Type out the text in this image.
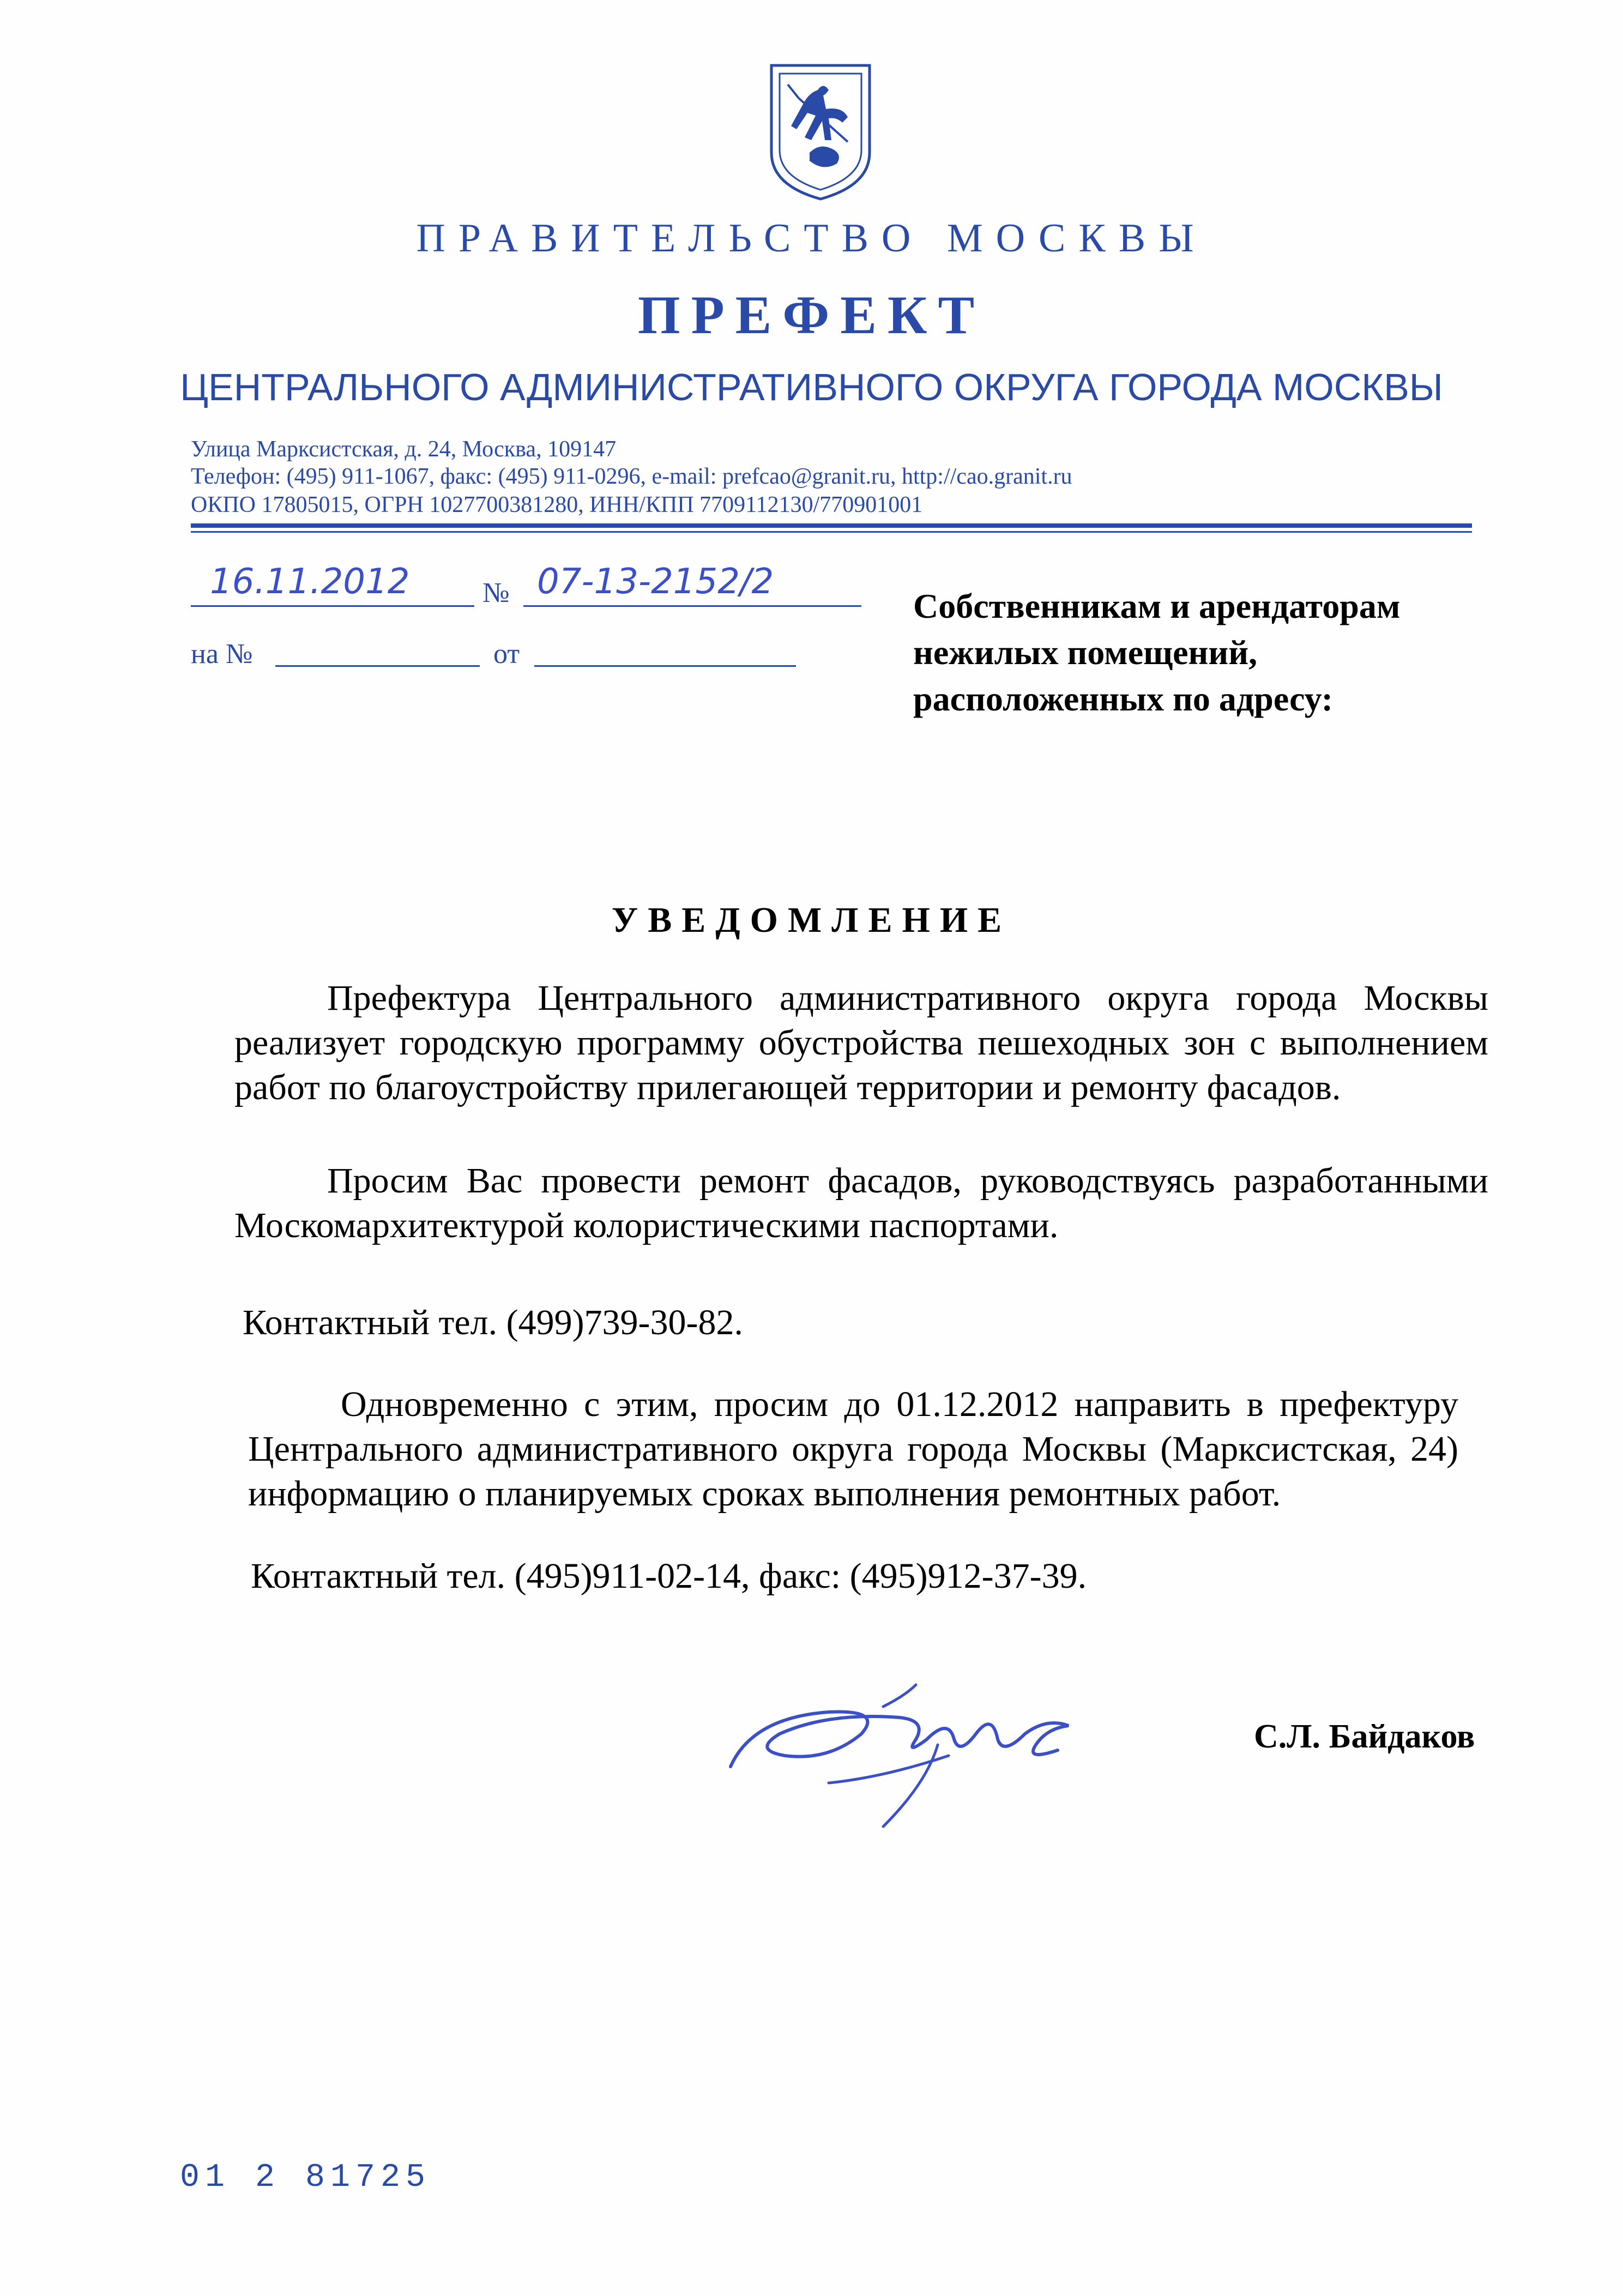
ПРАВИТЕЛЬСТВО МОСКВЫ
ПРЕФЕКТ
ЦЕНТРАЛЬНОГО АДМИНИСТРАТИВНОГО ОКРУГА ГОРОДА МОСКВЫ
Улица Марксистская, д. 24, Москва, 109147
Телефон: (495) 911-1067, факс: (495) 911-0296, e-mail: prefcao@granit.ru, http://cao.granit.ru
ОКПО 17805015, ОГРН 1027700381280, ИНН/КПП 7709112130/770901001
16.11.2012	№ 07-13-2152/2
на №	от
Собственникам и арендаторам
нежилых помещений,
расположенных по адресу:
УВЕДОМЛЕНИЕ
Префектура Центрального административного округа города Москвы реализует городскую программу обустройства пешеходных зон с выполнением работ по благоустройству прилегающей территории и ремонту фасадов.
Просим Вас провести ремонт фасадов, руководствуясь разработанными Москомархитектурой колористическими паспортами.
Контактный тел. (499)739-30-82.
Одновременно с этим, просим до 01.12.2012 направить в префектуру Центрального административного округа города Москвы (Марксистская, 24) информацию о планируемых сроках выполнения ремонтных работ.
Контактный тел. (495)911-02-14, факс: (495)912-37-39.
С.Л. Байдаков
01 2 81725
